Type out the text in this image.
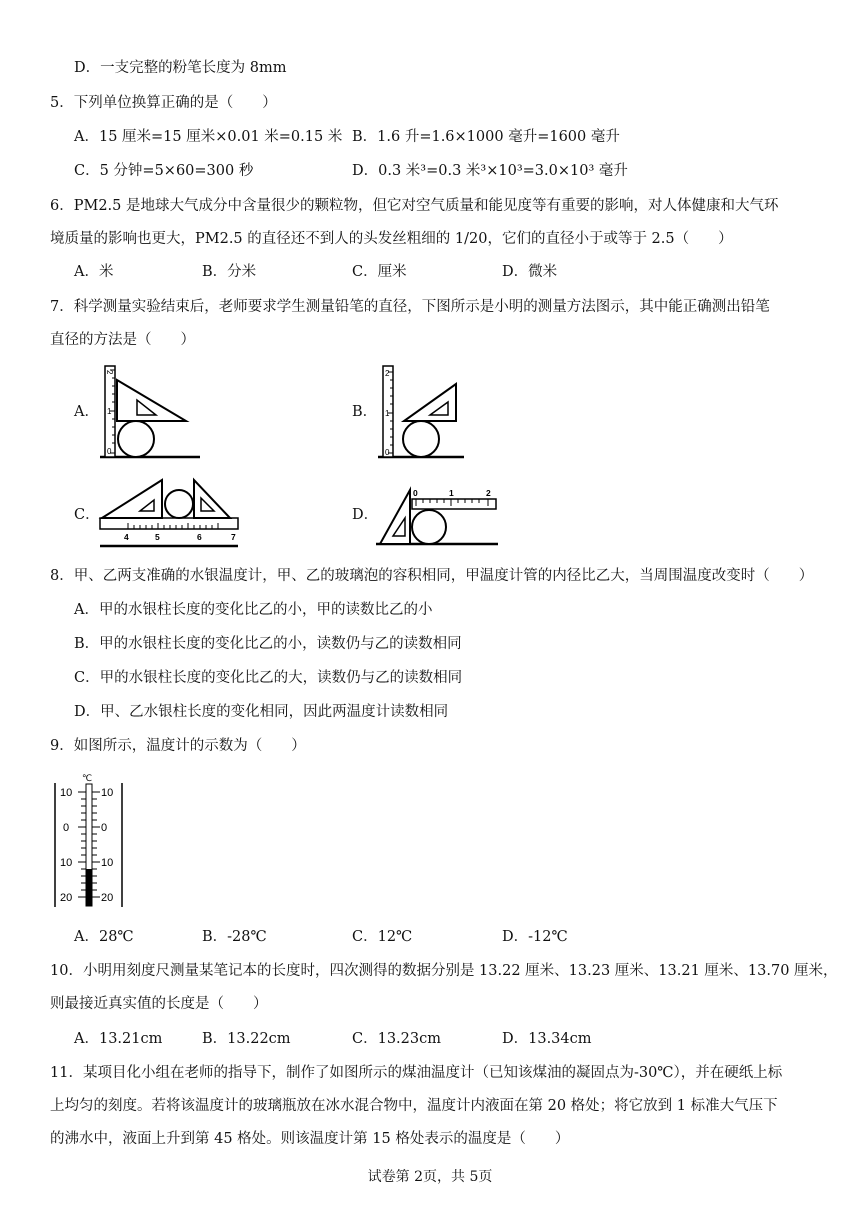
D．一支完整的粉笔长度为 8mm
5．下列单位换算正确的是（　　）
A．15 厘米=15 厘米×0.01 米=0.15 米 B．1.6 升=1.6×1000 毫升=1600 毫升
C．5 分钟=5×60=300 秒	D．0.3 米³=0.3 米³×10³=3.0×10³ 毫升
6．PM2.5 是地球大气成分中含量很少的颗粒物，但它对空气质量和能见度等有重要的影响，对人体健康和大气环
境质量的影响也更大，PM2.5 的直径还不到人的头发丝粗细的 1/20，它们的直径小于或等于 2.5（　　）
A．米	B．分米	C．厘米	D．微米
7．科学测量实验结束后，老师要求学生测量铅笔的直径，下图所示是小明的测量方法图示，其中能正确测出铅笔
直径的方法是（　　）
A．
2
1
0
B．
2
1
0
C．
4	5	6	7
D．
0	1	2
8．甲、乙两支准确的水银温度计，甲、乙的玻璃泡的容积相同，甲温度计管的内径比乙大，当周围温度改变时（　　）
A．甲的水银柱长度的变化比乙的小，甲的读数比乙的小
B．甲的水银柱长度的变化比乙的小，读数仍与乙的读数相同
C．甲的水银柱长度的变化比乙的大，读数仍与乙的读数相同
D．甲、乙水银柱长度的变化相同，因此两温度计读数相同
9．如图所示，温度计的示数为（　　）
℃
10	10
0	0
10	10
20	20
A．28℃	B．-28℃	C．12℃	D．-12℃
10．小明用刻度尺测量某笔记本的长度时，四次测得的数据分别是 13.22 厘米、13.23 厘米、13.21 厘米、13.70 厘米，
则最接近真实值的长度是（　　）
A．13.21cm	B．13.22cm	C．13.23cm	D．13.34cm
11．某项目化小组在老师的指导下，制作了如图所示的煤油温度计（已知该煤油的凝固点为-30℃），并在硬纸上标
上均匀的刻度。若将该温度计的玻璃瓶放在冰水混合物中，温度计内液面在第 20 格处；将它放到 1 标准大气压下
的沸水中，液面上升到第 45 格处。则该温度计第 15 格处表示的温度是（　　）
试卷第 2页，共 5页
